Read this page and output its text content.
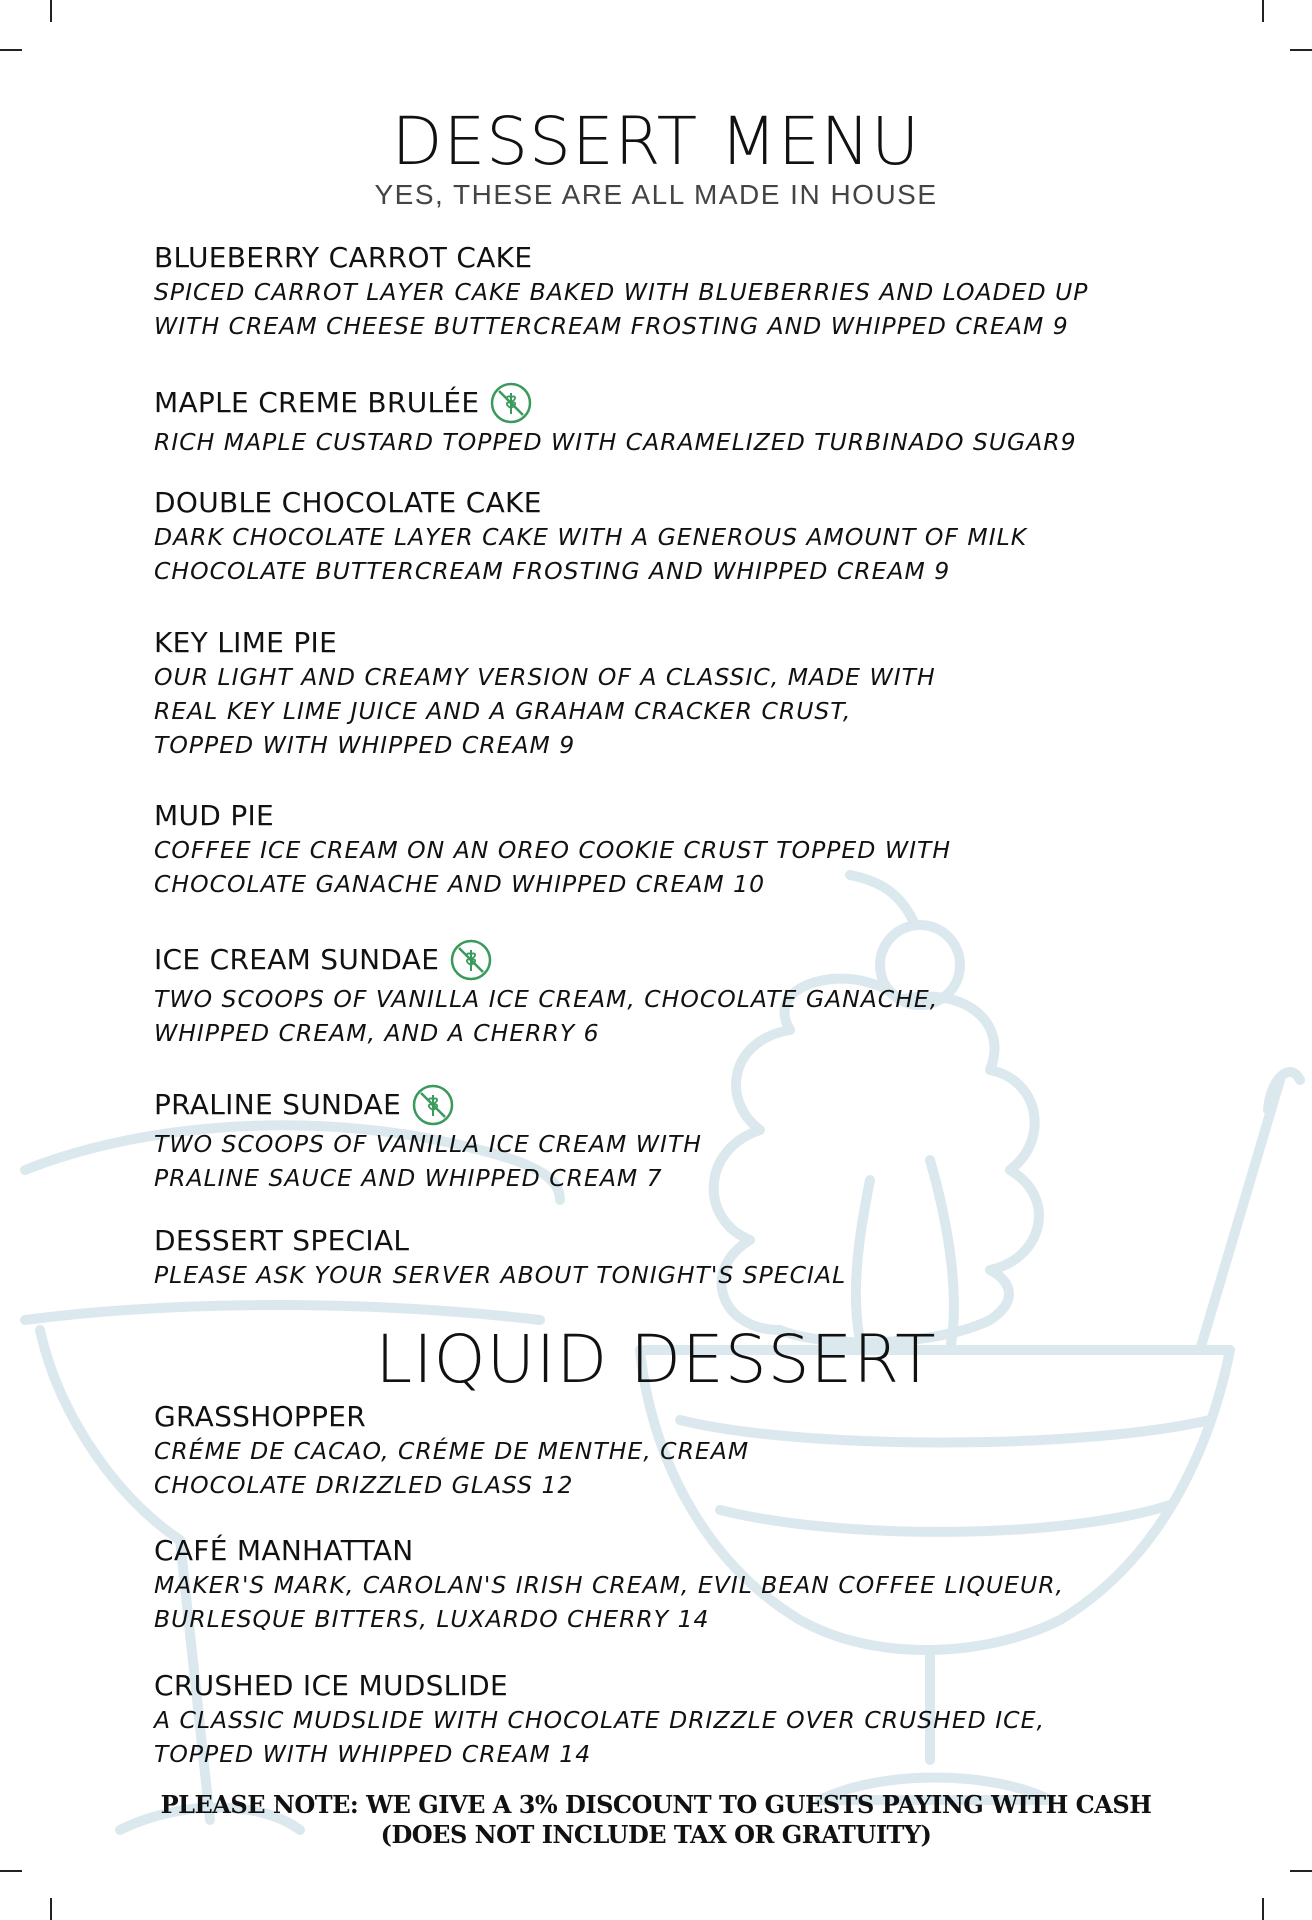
DESSERT MENU
YES, THESE ARE ALL MADE IN HOUSE
BLUEBERRY CARROT CAKE
SPICED CARROT LAYER CAKE BAKED WITH BLUEBERRIES AND LOADED UP
WITH CREAM CHEESE BUTTERCREAM FROSTING AND WHIPPED CREAM 9
MAPLE CREME BRULÉE
RICH MAPLE CUSTARD TOPPED WITH CARAMELIZED TURBINADO SUGAR9
DOUBLE CHOCOLATE CAKE
DARK CHOCOLATE LAYER CAKE WITH A GENEROUS AMOUNT OF MILK
CHOCOLATE BUTTERCREAM FROSTING AND WHIPPED CREAM 9
KEY LIME PIE
OUR LIGHT AND CREAMY VERSION OF A CLASSIC, MADE WITH
REAL KEY LIME JUICE AND A GRAHAM CRACKER CRUST,
TOPPED WITH WHIPPED CREAM 9
MUD PIE
COFFEE ICE CREAM ON AN OREO COOKIE CRUST TOPPED WITH
CHOCOLATE GANACHE AND WHIPPED CREAM 10
ICE CREAM SUNDAE
TWO SCOOPS OF VANILLA ICE CREAM, CHOCOLATE GANACHE,
WHIPPED CREAM, AND A CHERRY 6
PRALINE SUNDAE
TWO SCOOPS OF VANILLA ICE CREAM WITH
PRALINE SAUCE AND WHIPPED CREAM 7
DESSERT SPECIAL
PLEASE ASK YOUR SERVER ABOUT TONIGHT'S SPECIAL
LIQUID DESSERT
GRASSHOPPER
CRÉME DE CACAO, CRÉME DE MENTHE, CREAM
CHOCOLATE DRIZZLED GLASS 12
CAFÉ MANHATTAN
MAKER'S MARK, CAROLAN'S IRISH CREAM, EVIL BEAN COFFEE LIQUEUR,
BURLESQUE BITTERS, LUXARDO CHERRY 14
CRUSHED ICE MUDSLIDE
A CLASSIC MUDSLIDE WITH CHOCOLATE DRIZZLE OVER CRUSHED ICE,
TOPPED WITH WHIPPED CREAM 14
PLEASE NOTE: WE GIVE A 3% DISCOUNT TO GUESTS PAYING WITH CASH
(DOES NOT INCLUDE TAX OR GRATUITY)
